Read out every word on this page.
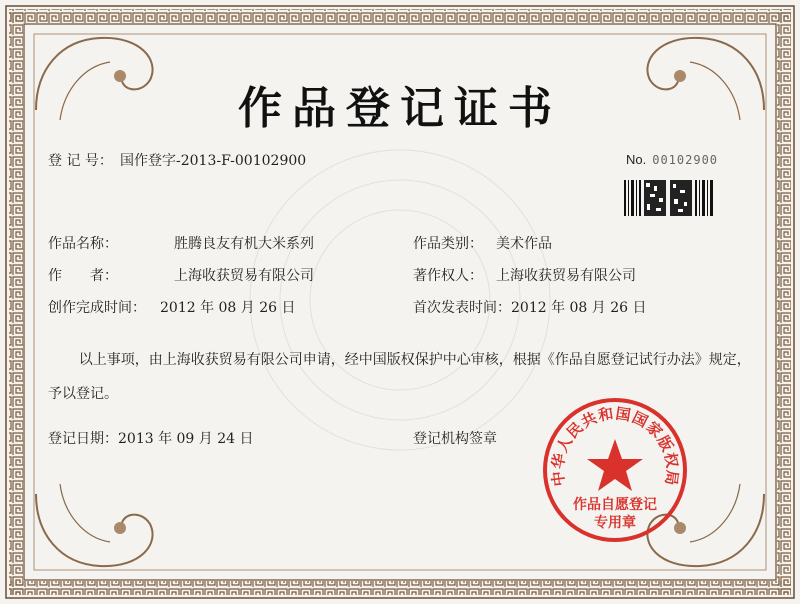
作品登记证书
登 记 号： 国作登字-2013-F-00102900	No. 00102900
作品名称：	胜腾良友有机大米系列	作品类别： 美术作品
作　　者：	上海收获贸易有限公司	著作权人： 上海收获贸易有限公司
创作完成时间： 2012 年 08 月 26 日	首次发表时间： 2012 年 08 月 26 日
以上事项，由上海收获贸易有限公司申请，经中国版权保护中心审核，根据《作品自愿登记试行办法》规定，予以登记。
登记日期： 2013 年 09 月 24 日	登记机构签章
中华人民共和国国家版权局
作品自愿登记
专用章
